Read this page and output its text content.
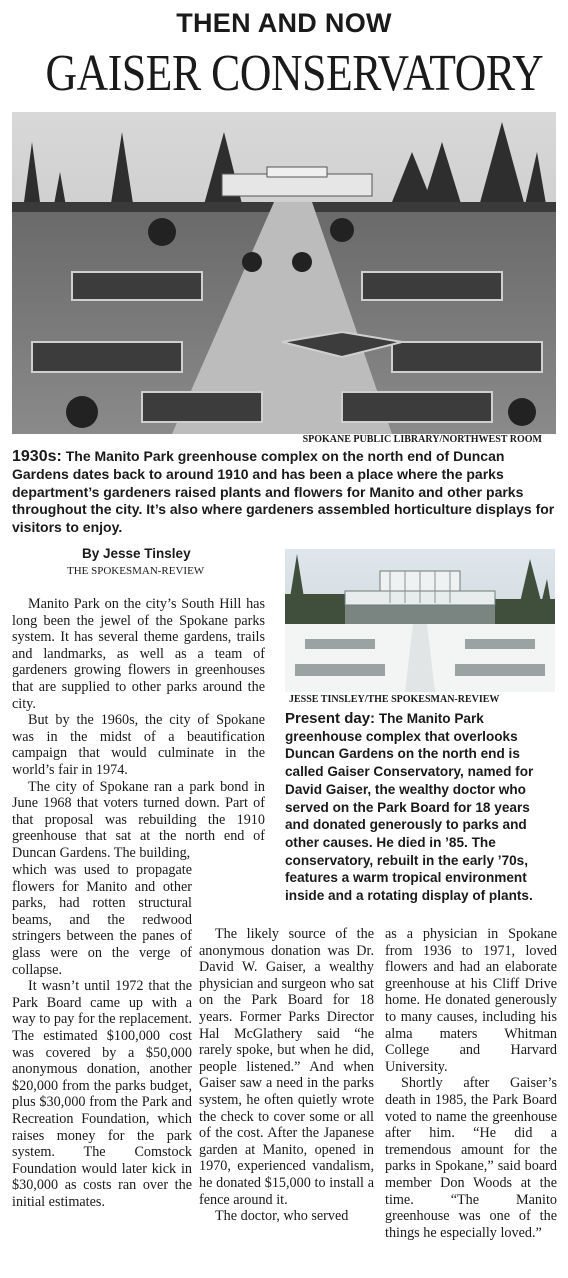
THEN AND NOW
GAISER CONSERVATORY
SPOKANE PUBLIC LIBRARY/NORTHWEST ROOM
1930s: The Manito Park greenhouse complex on the north end of Duncan Gardens dates back to around 1910 and has been a place where the parks department’s gardeners raised plants and flowers for Manito and other parks throughout the city. It’s also where gardeners assembled horticulture displays for visitors to enjoy.
By Jesse Tinsley
THE SPOKESMAN-REVIEW
JESSE TINSLEY/THE SPOKESMAN-REVIEW
Present day: The Manito Park greenhouse complex that overlooks Duncan Gardens on the north end is called Gaiser Conservatory, named for David Gaiser, the wealthy doctor who served on the Park Board for 18 years and donated generously to parks and other causes. He died in ’85. The conservatory, rebuilt in the early ’70s, features a warm tropical environment inside and a rotating display of plants.

Manito Park on the city’s South Hill has long been the jewel of the Spokane parks system. It has several theme gardens, trails and landmarks, as well as a team of gardeners growing flowers in greenhouses that are supplied to other parks around the city.

But by the 1960s, the city of Spokane was in the midst of a beautification campaign that would culminate in the world’s fair in 1974.

The city of Spokane ran a park bond in June 1968 that voters turned down. Part of that proposal was rebuilding the 1910 greenhouse that sat at the north end of Duncan Gardens. The building,

which was used to propagate flowers for Manito and other parks, had rotten structural beams, and the redwood stringers between the panes of glass were on the verge of collapse.

It wasn’t until 1972 that the Park Board came up with a way to pay for the replacement. The estimated $100,000 cost was covered by a $50,000 anonymous donation, another $20,000 from the parks budget, plus $30,000 from the Park and Recreation Foundation, which raises money for the park system. The Comstock Foundation would later kick in $30,000 as costs ran over the initial estimates.

The likely source of the anonymous donation was Dr. David W. Gaiser, a wealthy physician and surgeon who sat on the Park Board for 18 years. Former Parks Director Hal McGlathery said “he rarely spoke, but when he did, people listened.” And when Gaiser saw a need in the parks system, he often quietly wrote the check to cover some or all of the cost. After the Japanese garden at Manito, opened in 1970, experienced vandalism, he donated $15,000 to install a fence around it.

The doctor, who served

as a physician in Spokane from 1936 to 1971, loved flowers and had an elaborate greenhouse at his Cliff Drive home. He donated generously to many causes, including his alma maters Whitman College and Harvard University.

Shortly after Gaiser’s death in 1985, the Park Board voted to name the greenhouse after him. “He did a tremendous amount for the parks in Spokane,” said board member Don Woods at the time. “The Manito greenhouse was one of the things he especially loved.”
